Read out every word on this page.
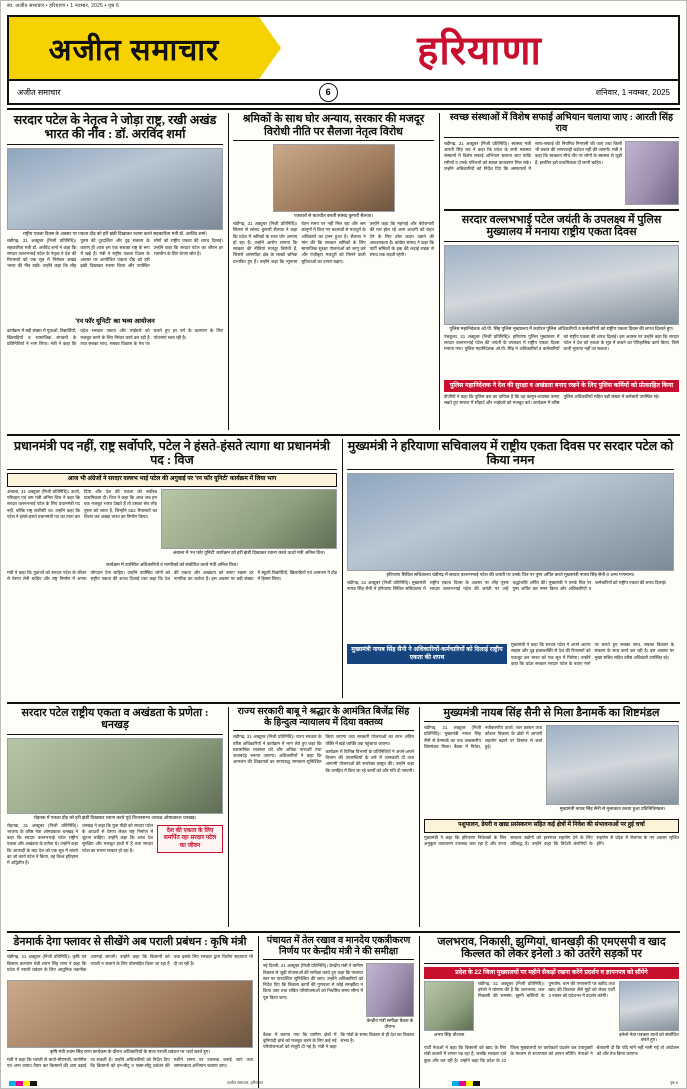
स्व. अजीत समाचार • हरियाणा • 1 नवम्बर, 2025 • पृष्ठ 6
अजीत समाचार	हरियाणा
अजीत समाचार	6	शनिवार, 1 नवम्बर, 2025
सरदार पटेल के नेतृत्व ने जोड़ा राष्ट्र, रखी अखंड भारत की नींव : डॉ. अरविंद शर्मा
राष्ट्रीय एकता दिवस के अवसर पर एकता दौड़ को हरी झंडी दिखाकर रवाना करते सहकारिता मंत्री डॉ. अरविंद शर्मा।

चंडीगढ़, 31 अक्टूबर (निजी प्रतिनिधि)। सहकारिता मंत्री डॉ. अरविंद शर्मा ने कहा कि सरदार वल्लभभाई पटेल के नेतृत्व ने देश की रियासतों को एक सूत्र में पिरोकर अखंड भारत की नींव रखी। उन्होंने कहा कि लौह पुरुष की दूरदर्शिता और दृढ़ संकल्प के कारण ही आज हम एक सशक्त राष्ट्र के रूप में खड़े हैं। मंत्री ने राष्ट्रीय एकता दिवस के अवसर पर आयोजित एकता दौड़ को हरी झंडी दिखाकर रवाना किया और उपस्थित लोगों को राष्ट्रीय एकता की शपथ दिलाई। उन्होंने कहा कि सरदार पटेल का जीवन हर भारतीय के लिए प्रेरणा स्रोत है।

'रन फॉर यूनिटी' का भव्य आयोजन

कार्यक्रम में बड़ी संख्या में युवाओं, विद्यार्थियों, खिलाड़ियों व सामाजिक संगठनों के प्रतिनिधियों ने भाग लिया। मंत्री ने कहा कि प्रदेश सरकार एकता और भाईचारे को मजबूत करने के लिए निरंतर कार्य कर रही है तथा सबका साथ, सबका विकास के मंत्र पर चलते हुए हर वर्ग के कल्याण के लिए योजनाएं चला रही है।

श्रमिकों के साथ घोर अन्याय, सरकार की मजदूर विरोधी नीति पर सैलजा नेतृत्व विरोध
पत्रकारों से बातचीत करतीं सांसद कुमारी सैलजा।

चंडीगढ़, 31 अक्टूबर (निजी प्रतिनिधि)। सिरसा से सांसद कुमारी सैलजा ने कहा कि प्रदेश में श्रमिकों के साथ घोर अन्याय हो रहा है। उन्होंने आरोप लगाया कि सरकार की नीतियां मजदूर विरोधी हैं, जिससे असंगठित क्षेत्र के लाखों श्रमिक प्रभावित हुए हैं। उन्होंने कहा कि न्यूनतम वेतन समय पर नहीं मिल रहा और श्रम कानूनों में किए गए बदलावों से मजदूरों के अधिकारों का हनन हुआ है। सैलजा ने मांग की कि सरकार श्रमिकों के लिए सामाजिक सुरक्षा योजनाओं को लागू करे और पंजीकृत मजदूरों को मिलने वाली सुविधाओं का दायरा बढ़ाए।

उन्होंने कहा कि महंगाई और बेरोजगारी की मार झेल रहे आम आदमी को राहत देने के लिए ठोस कदम उठाने की आवश्यकता है। कांग्रेस सांसद ने कहा कि पार्टी श्रमिकों के हक की लड़ाई सड़क से संसद तक लड़ती रहेगी।

स्वच्छ संस्थाओं में विशेष सफाई अभियान चलाया जाए : आरती सिंह राव

चंडीगढ़, 31 अक्टूबर (निजी प्रतिनिधि)। स्वास्थ्य मंत्री आरती सिंह राव ने कहा कि प्रदेश के सभी स्वास्थ्य संस्थानों में विशेष सफाई अभियान चलाया जाए ताकि मरीजों व उनके परिजनों को स्वच्छ वातावरण मिल सके। उन्होंने अधिकारियों को निर्देश दिए कि अस्पतालों में साफ-सफाई की नियमित निगरानी की जाए तथा किसी भी प्रकार की लापरवाही बर्दाश्त नहीं की जाएगी। मंत्री ने कहा कि स्वच्छता सीधे तौर पर लोगों के स्वास्थ्य से जुड़ी है, इसलिए इसे प्राथमिकता दी जानी चाहिए।

सरदार वल्लभभाई पटेल जयंती के उपलक्ष्य में पुलिस मुख्यालय में मनाया राष्ट्रीय एकता दिवस
पुलिस महानिदेशक ओ.पी. सिंह पुलिस मुख्यालय में कार्यरत पुलिस अधिकारियों व कर्मचारियों को राष्ट्रीय एकता दिवस की शपथ दिलाते हुए।

पंचकूला, 31 अक्टूबर (निजी प्रतिनिधि)। हरियाणा पुलिस मुख्यालय में सरदार वल्लभभाई पटेल की जयंती के उपलक्ष्य में राष्ट्रीय एकता दिवस मनाया गया। पुलिस महानिदेशक ओ.पी. सिंह ने अधिकारियों व कर्मचारियों को राष्ट्रीय एकता की शपथ दिलाई। इस अवसर पर उन्होंने कहा कि सरदार पटेल ने देश को एकता के सूत्र में बांधने का ऐतिहासिक कार्य किया, जिसे कभी भुलाया नहीं जा सकता।

पुलिस महानिदेशक ने देश की सुरक्षा व अखंडता बनाए रखने के लिए पुलिस कर्मियों को प्रोत्साहित किया

डीजीपी ने कहा कि पुलिस बल का दायित्व है कि वह कानून-व्यवस्था बनाए रखते हुए समाज में सौहार्द और भाईचारे को मजबूत करे। कार्यक्रम में वरिष्ठ पुलिस अधिकारियों सहित बड़ी संख्या में कर्मचारी उपस्थित रहे।

प्रधानमंत्री पद नहीं, राष्ट्र सर्वोपरि, पटेल ने हंसते-हंसते त्यागा था प्रधानमंत्री पद : विज
आज भी अंग्रेजों ने सरदार वल्लभ भाई पटेल की अगुवाई पर 'रन फॉर यूनिटी' कार्यक्रम में लिया भाग

अंबाला, 31 अक्टूबर (निजी प्रतिनिधि)। ऊर्जा, परिवहन एवं श्रम मंत्री अनिल विज ने कहा कि सरदार वल्लभभाई पटेल के लिए प्रधानमंत्री पद नहीं, बल्कि राष्ट्र सर्वोपरि था। उन्होंने कहा कि पटेल ने हंसते-हंसते प्रधानमंत्री पद का त्याग कर दिया और देश की एकता को सर्वोच्च प्राथमिकता दी। विज ने कहा कि आज जब हम एक मजबूत भारत देखते हैं तो उसका श्रेय लौह पुरुष को जाता है, जिन्होंने 562 रियासतों का विलय कर अखंड भारत का निर्माण किया।

अंबाला में 'रन फॉर यूनिटी' कार्यक्रम को हरी झंडी दिखाकर रवाना करते ऊर्जा मंत्री अनिल विज।
कार्यक्रम में उपस्थित अधिकारियों व नागरिकों को संबोधित करते मंत्री अनिल विज।

मंत्री ने कहा कि युवाओं को सरदार पटेल के जीवन से प्रेरणा लेनी चाहिए और राष्ट्र निर्माण में अपना योगदान देना चाहिए। उन्होंने उपस्थित लोगों को राष्ट्रीय एकता की शपथ दिलाई तथा कहा कि देश की एकता और अखंडता को बनाए रखना हर नागरिक का कर्तव्य है। इस अवसर पर बड़ी संख्या में स्कूली विद्यार्थियों, खिलाड़ियों एवं आमजन ने दौड़ में हिस्सा लिया।

मुख्यमंत्री ने हरियाणा सचिवालय में राष्ट्रीय एकता दिवस पर सरदार पटेल को किया नमन
हरियाणा सिविल सचिवालय चंडीगढ़ में सरदार वल्लभभाई पटेल की जयंती पर उनके चित्र पर पुष्प अर्पित करते मुख्यमंत्री नायब सिंह सैनी व अन्य गणमान्य।

चंडीगढ़, 31 अक्टूबर (निजी प्रतिनिधि)। मुख्यमंत्री नायब सिंह सैनी ने हरियाणा सिविल सचिवालय में राष्ट्रीय एकता दिवस के अवसर पर लौह पुरुष सरदार वल्लभभाई पटेल की जयंती पर उन्हें श्रद्धांजलि अर्पित की। मुख्यमंत्री ने उनके चित्र पर पुष्प अर्पित कर नमन किया और अधिकारियों व कर्मचारियों को राष्ट्रीय एकता की शपथ दिलाई।

मुख्यमंत्री नायब सिंह सैनी ने अधिकारियों-कर्मचारियों को दिलाई राष्ट्रीय एकता की शपथ

मुख्यमंत्री ने कहा कि सरदार पटेल ने अपने अदम्य साहस और दृढ़ इच्छाशक्ति से देश की रियासतों को एकजुट कर भारत को एक सूत्र में पिरोया। उन्होंने कहा कि प्रदेश सरकार सरदार पटेल के बताए मार्ग पर चलते हुए सबका साथ, सबका विकास के संकल्प के साथ कार्य कर रही है। इस अवसर पर मुख्य सचिव सहित वरिष्ठ अधिकारी उपस्थित रहे।

सरदार पटेल राष्ट्रीय एकता व अखंडता के प्रणेता : धनखड़
रोहतक में एकता दौड़ को हरी झंडी दिखाकर रवाना करते पूर्व विधानसभा अध्यक्ष ओमप्रकाश धनखड़।

रोहतक, 31 अक्टूबर (निजी प्रतिनिधि)। भाजपा के वरिष्ठ नेता ओमप्रकाश धनखड़ ने कहा कि सरदार वल्लभभाई पटेल राष्ट्रीय एकता और अखंडता के प्रणेता थे। उन्होंने कहा कि आजादी के बाद देश को एक सूत्र में बांधने का जो कार्य पटेल ने किया, वह विश्व इतिहास में अद्वितीय है।

धनखड़ ने कहा कि युवा पीढ़ी को सरदार पटेल के आदर्शों से प्रेरणा लेकर राष्ट्र निर्माण में जुटना चाहिए। उन्होंने कहा कि आज देश सुरक्षित और मजबूत हाथों में है तथा सरदार पटेल का सपना साकार हो रहा है।

देश की एकता के लिए समर्पित रहा सरदार पटेल का जीवन
राज्य सरकारी बाबू ने श्रद्धार के आमंत्रित बिजेंद्र सिंह के हिन्दुत्व न्यायालय में दिया वक्तव्य

चंडीगढ़, 31 अक्टूबर (निजी प्रतिनिधि)। राज्य सरकार के वरिष्ठ अधिकारियों ने कार्यक्रम में भाग लेते हुए कहा कि प्रशासनिक व्यवस्था को और अधिक पारदर्शी तथा जवाबदेह बनाया जाएगा। अधिकारियों ने कहा कि आमजन की शिकायतों का समयबद्ध समाधान सुनिश्चित किया जाएगा तथा सरकारी योजनाओं का लाभ अंतिम पंक्ति में खड़े व्यक्ति तक पहुंचाया जाएगा।

कार्यक्रम में विभिन्न विभागों के प्रतिनिधियों ने अपने-अपने विभाग की उपलब्धियों के बारे में जानकारी दी तथा आगामी योजनाओं की रूपरेखा प्रस्तुत की। उन्होंने कहा कि जनहित में किए जा रहे कार्यों को और गति दी जाएगी।

मुख्यमंत्री नायब सिंह सैनी से मिला डैनामर्के का शिष्टमंडल

चंडीगढ़, 31 अक्टूबर (निजी प्रतिनिधि)। मुख्यमंत्री नायब सिंह सैनी से डेनमार्क का एक उच्चस्तरीय शिष्टमंडल मिला। बैठक में निवेश, नवीकरणीय ऊर्जा, जल प्रबंधन तथा कौशल विकास के क्षेत्रों में आपसी सहयोग बढ़ाने पर विस्तार से चर्चा हुई।

मुख्यमंत्री नायब सिंह सैनी से मुलाकात करता हुआ प्रतिनिधिमंडल।
पशुपालन, डेयरी व खाद्य प्रसंस्करण सहित कई क्षेत्रों में निवेश की संभावनाओं पर हुई चर्चा

मुख्यमंत्री ने कहा कि हरियाणा निवेशकों के लिए अनुकूल वातावरण उपलब्ध करा रहा है और राज्य सरकार उद्योगों को हरसंभव सहयोग देने के लिए प्रतिबद्ध है। उन्होंने कहा कि विदेशी कंपनियों के सहयोग से प्रदेश में रोजगार के नए अवसर सृजित होंगे।

डेनमार्क देगा फ्लावर से सीखेंगे अब पराली प्रबंधन : कृषि मंत्री

चंडीगढ़, 31 अक्टूबर (निजी प्रतिनिधि)। कृषि एवं किसान कल्याण मंत्री श्याम सिंह राणा ने कहा कि प्रदेश में पराली प्रबंधन के लिए आधुनिक तकनीक अपनाई जाएगी। उन्होंने कहा कि किसानों को पराली न जलाने के लिए प्रोत्साहित किया जा रहा है तथा इसके लिए सरकार द्वारा वित्तीय सहायता भी दी जा रही है।

कृषि मंत्री श्याम सिंह राणा कार्यक्रम के दौरान अधिकारियों के साथ पराली प्रबंधन पर चर्चा करते हुए।

मंत्री ने कहा कि पराली से बायो-सीएनजी, बायोगैस एवं अन्य उत्पाद तैयार कर किसानों की आय बढ़ाई जा सकती है। उन्होंने अधिकारियों को निर्देश दिए कि किसानों को इन-सीटू व एक्स-सीटू प्रबंधन की मशीनें समय पर उपलब्ध कराई जाएं तथा जागरूकता अभियान चलाया जाए।

पंचायत में तेल रखाव व मानदेय एकत्रीकरण निर्णय पर केन्द्रीय मंत्री ने की समीक्षा

नई दिल्ली, 31 अक्टूबर (निजी प्रतिनिधि)। केन्द्रीय मंत्री ने ग्रामीण विकास से जुड़ी योजनाओं की समीक्षा करते हुए कहा कि पंचायत स्तर पर पारदर्शिता सुनिश्चित की जाए। उन्होंने अधिकारियों को निर्देश दिए कि विकास कार्यों की गुणवत्ता से कोई समझौता न किया जाए तथा लंबित परियोजनाओं को निर्धारित समय सीमा में पूरा किया जाए।

केन्द्रीय मंत्री समीक्षा बैठक के दौरान।

बैठक में बताया गया कि ग्रामीण क्षेत्रों में बुनियादी ढांचे को मजबूत करने के लिए कई नई परियोजनाओं को मंजूरी दी गई है। मंत्री ने कहा कि गांवों के समग्र विकास से ही देश का विकास संभव है।

जलभराव, निकासी, झुग्गियां, धानखड़ी की एमएसपी व खाद किल्लत को लेकर इनेलो 3 को उतरेंगे सड़कों पर
प्रदेश के 22 जिला मुख्यालयों पर महीने सैकड़ों रखना करेंगे प्रदर्शन व ज्ञापनपत्र को सौंपेंगे
अभय सिंह चौटाला

चंडीगढ़, 31 अक्टूबर (निजी प्रतिनिधि)। इनेलो ने घोषणा की है कि जलभराव, जल निकासी की समस्या, झुग्गी बस्तियों के पुनर्वास, धान की एमएसपी पर खरीद तथा खाद की किल्लत जैसे मुद्दों को लेकर पार्टी 3 नवंबर को प्रदेशभर में प्रदर्शन करेगी।

इनेलो नेता पत्रकार वार्ता को संबोधित करते हुए।

पार्टी नेताओं ने कहा कि किसानों को खाद के लिए लंबी कतारों में लगना पड़ रहा है, जबकि सरकार दावे कुछ और कर रही है। उन्होंने कहा कि प्रदेश के 22 जिला मुख्यालयों पर कार्यकर्ता प्रदर्शन कर उपायुक्तों के माध्यम से राज्यपाल को ज्ञापन सौंपेंगे। नेताओं ने चेतावनी दी कि यदि मांगें नहीं मानी गईं तो आंदोलन को और तेज किया जाएगा।

अजीत समाचार, हरियाणा	पृष्ठ 6
